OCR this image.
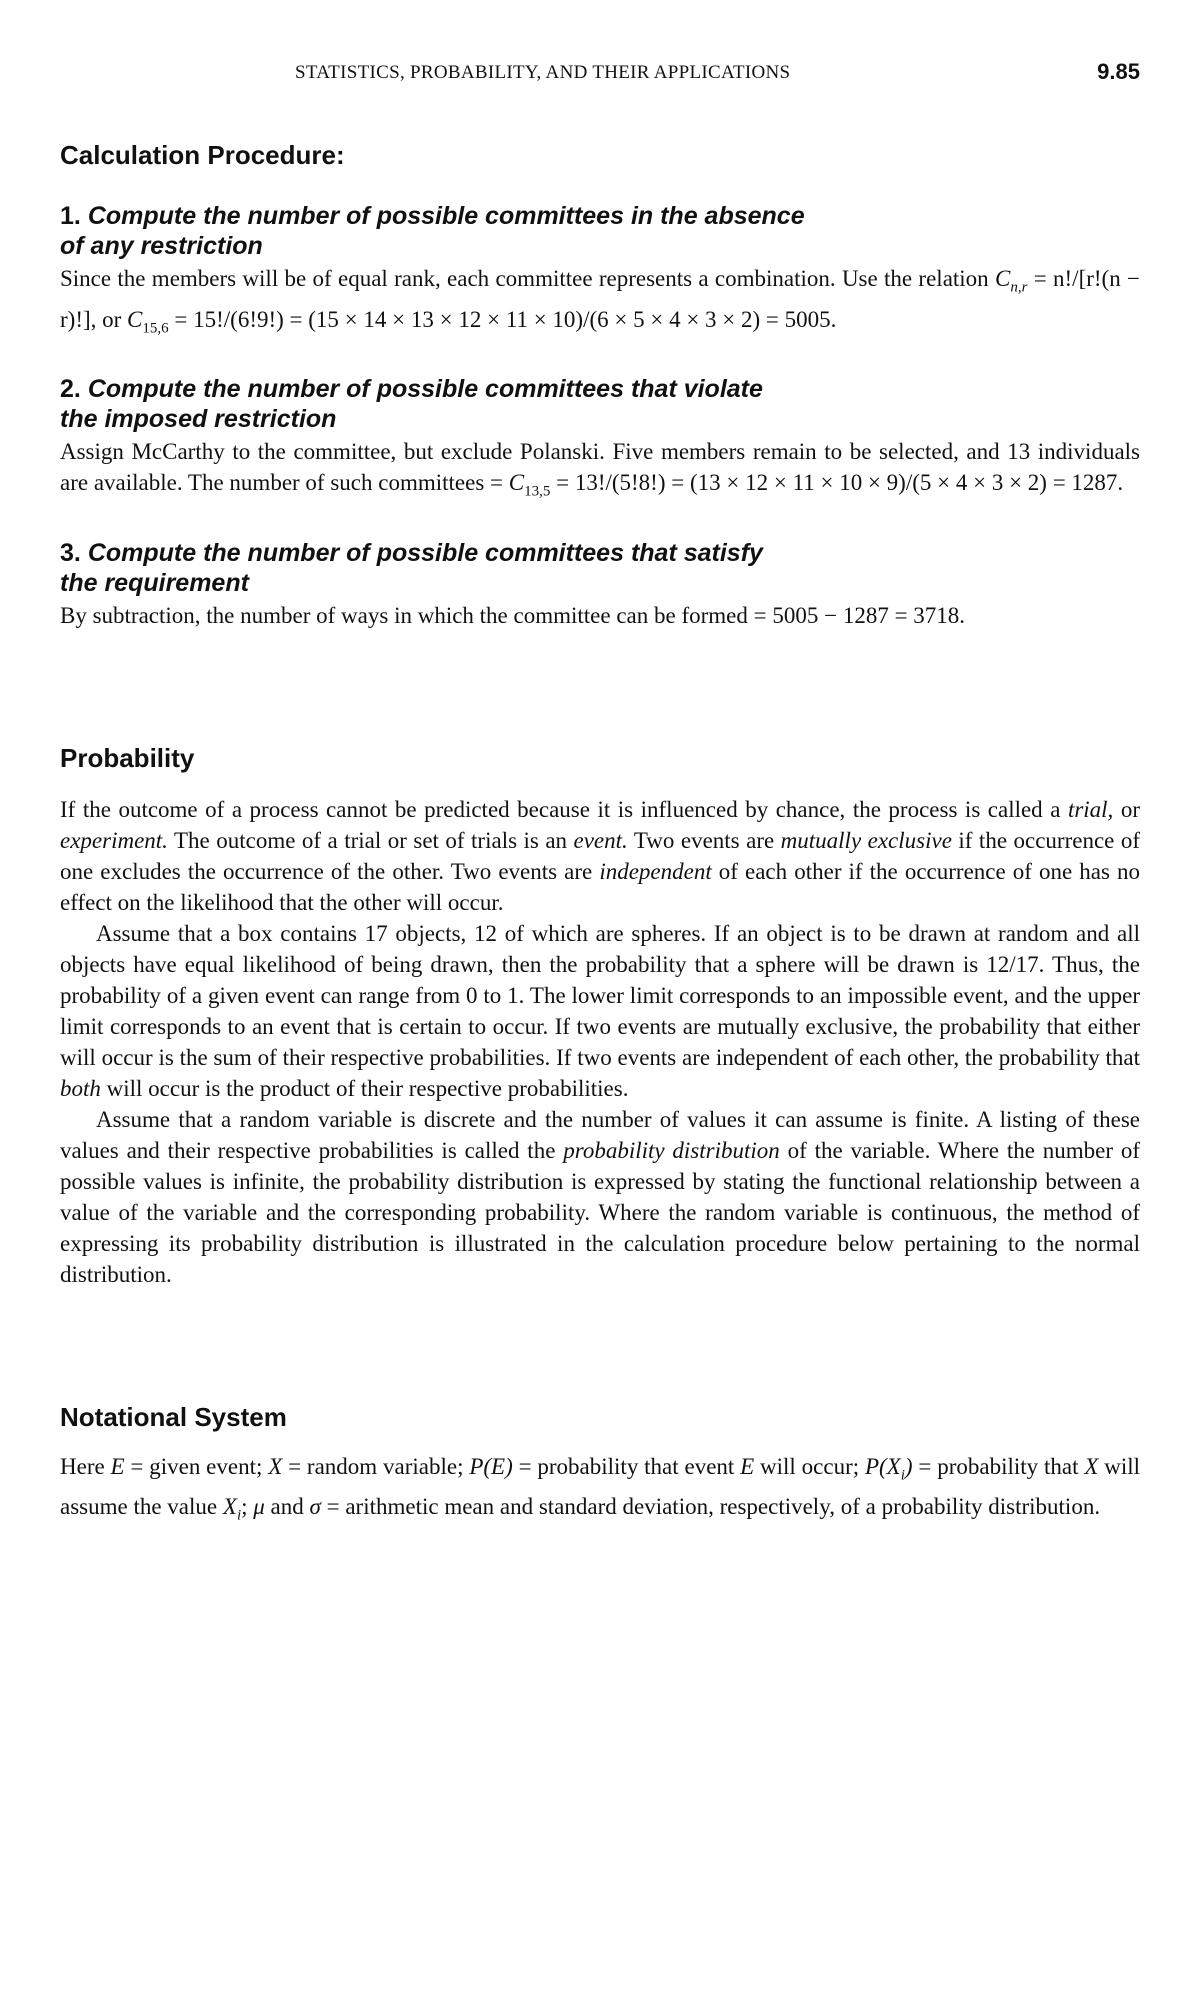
STATISTICS, PROBABILITY, AND THEIR APPLICATIONS	9.85
Calculation Procedure:

1. Compute the number of possible committees in the absence
of any restriction

Since the members will be of equal rank, each committee represents a combination. Use the relation $C_{n,r} = n!/[r!(n - r)!]$, or $C_{15,6} = 15!/(6!9!) = (15 \times 14 \times 13 \times 12 \times 11 \times 10)/(6 \times 5 \times 4 \times 3 \times 2) = 5005$.

2. Compute the number of possible committees that violate
the imposed restriction

Assign McCarthy to the committee, but exclude Polanski. Five members remain to be selected, and 13 individuals are available. The number of such committees = $C_{13,5} = 13!/(5!8!) = (13 \times 12 \times 11 \times 10 \times 9)/(5 \times 4 \times 3 \times 2) = 1287$.

3. Compute the number of possible committees that satisfy
the requirement

By subtraction, the number of ways in which the committee can be formed = 5005 − 1287 = 3718.

Probability

If the outcome of a process cannot be predicted because it is influenced by chance, the process is called a trial, or experiment. The outcome of a trial or set of trials is an event. Two events are mutually exclusive if the occurrence of one excludes the occurrence of the other. Two events are independent of each other if the occurrence of one has no effect on the likelihood that the other will occur.

Assume that a box contains 17 objects, 12 of which are spheres. If an object is to be drawn at random and all objects have equal likelihood of being drawn, then the probability that a sphere will be drawn is 12/17. Thus, the probability of a given event can range from 0 to 1. The lower limit corresponds to an impossible event, and the upper limit corresponds to an event that is certain to occur. If two events are mutually exclusive, the probability that either will occur is the sum of their respective probabilities. If two events are independent of each other, the probability that both will occur is the product of their respective probabilities.

Assume that a random variable is discrete and the number of values it can assume is finite. A listing of these values and their respective probabilities is called the probability distribution of the variable. Where the number of possible values is infinite, the probability distribution is expressed by stating the functional relationship between a value of the variable and the corresponding probability. Where the random variable is continuous, the method of expressing its probability distribution is illustrated in the calculation procedure below pertaining to the normal distribution.

Notational System

Here E = given event; X = random variable; P(E) = probability that event E will occur; $P(X_i)$ = probability that X will assume the value $X_i$; μ and σ = arithmetic mean and standard deviation, respectively, of a probability distribution.
